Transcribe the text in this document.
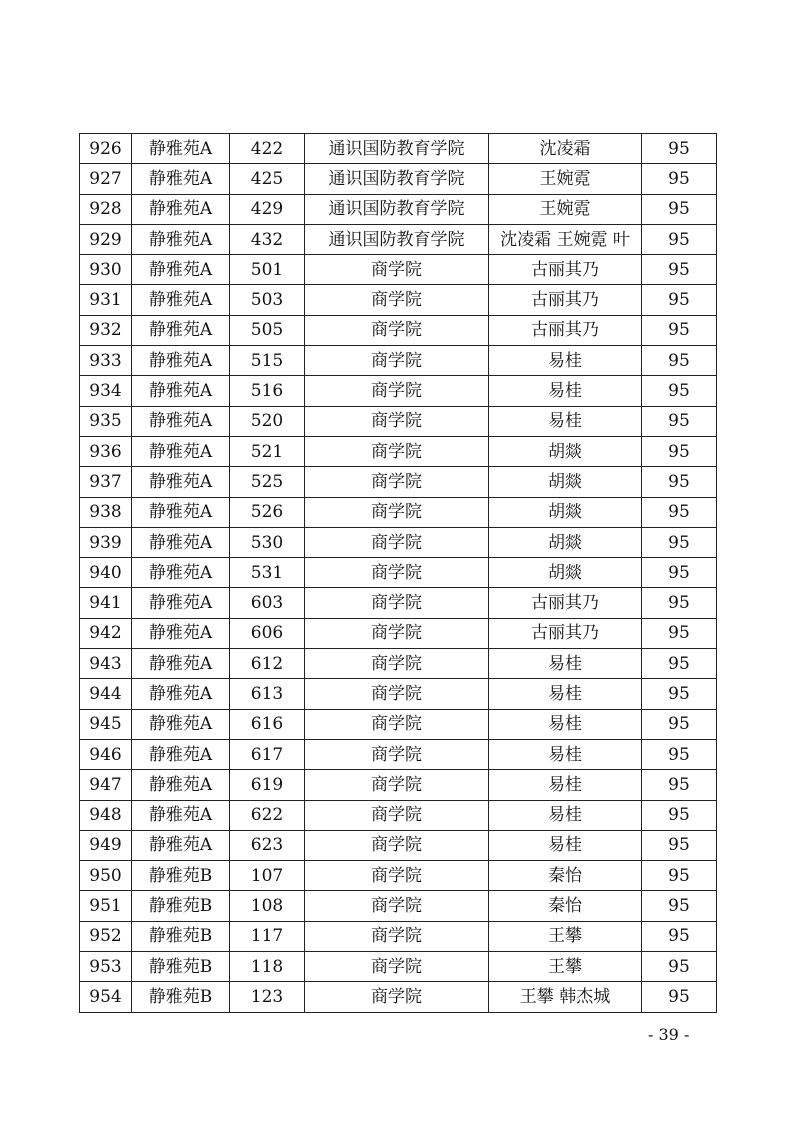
926	静雅苑A	422	通识国防教育学院	沈凌霜	95
927	静雅苑A	425	通识国防教育学院	王婉霓	95
928	静雅苑A	429	通识国防教育学院	王婉霓	95
929	静雅苑A	432	通识国防教育学院	沈凌霜 王婉霓 叶	95
930	静雅苑A	501	商学院	古丽其乃	95
931	静雅苑A	503	商学院	古丽其乃	95
932	静雅苑A	505	商学院	古丽其乃	95
933	静雅苑A	515	商学院	易桂	95
934	静雅苑A	516	商学院	易桂	95
935	静雅苑A	520	商学院	易桂	95
936	静雅苑A	521	商学院	胡燚	95
937	静雅苑A	525	商学院	胡燚	95
938	静雅苑A	526	商学院	胡燚	95
939	静雅苑A	530	商学院	胡燚	95
940	静雅苑A	531	商学院	胡燚	95
941	静雅苑A	603	商学院	古丽其乃	95
942	静雅苑A	606	商学院	古丽其乃	95
943	静雅苑A	612	商学院	易桂	95
944	静雅苑A	613	商学院	易桂	95
945	静雅苑A	616	商学院	易桂	95
946	静雅苑A	617	商学院	易桂	95
947	静雅苑A	619	商学院	易桂	95
948	静雅苑A	622	商学院	易桂	95
949	静雅苑A	623	商学院	易桂	95
950	静雅苑B	107	商学院	秦怡	95
951	静雅苑B	108	商学院	秦怡	95
952	静雅苑B	117	商学院	王攀	95
953	静雅苑B	118	商学院	王攀	95
954	静雅苑B	123	商学院	王攀 韩杰城	95
- 39 -
